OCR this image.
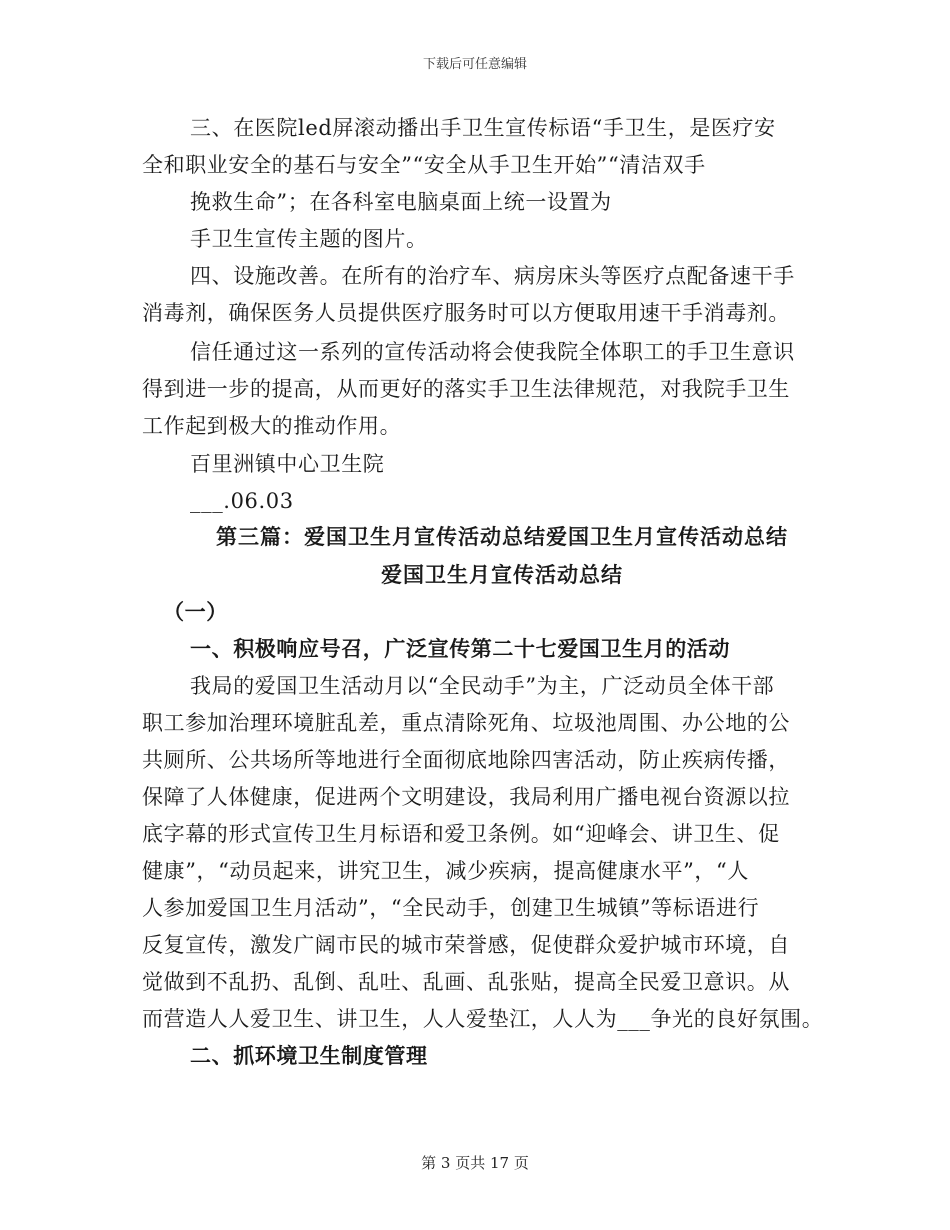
下载后可任意编辑
三、在医院led屏滚动播出手卫生宣传标语“手卫生，是医疗安
全和职业安全的基石与安全”“安全从手卫生开始”“清洁双手
挽救生命”；在各科室电脑桌面上统一设置为
手卫生宣传主题的图片。
四、设施改善。在所有的治疗车、病房床头等医疗点配备速干手
消毒剂，确保医务人员提供医疗服务时可以方便取用速干手消毒剂。
信任通过这一系列的宣传活动将会使我院全体职工的手卫生意识
得到进一步的提高，从而更好的落实手卫生法律规范，对我院手卫生
工作起到极大的推动作用。
百里洲镇中心卫生院
___.06.03
第三篇：爱国卫生月宣传活动总结爱国卫生月宣传活动总结
爱国卫生月宣传活动总结
（一）
一、积极响应号召，广泛宣传第二十七爱国卫生月的活动
我局的爱国卫生活动月以“全民动手”为主，广泛动员全体干部
职工参加治理环境脏乱差，重点清除死角、垃圾池周围、办公地的公
共厕所、公共场所等地进行全面彻底地除四害活动，防止疾病传播，
保障了人体健康，促进两个文明建设，我局利用广播电视台资源以拉
底字幕的形式宣传卫生月标语和爱卫条例。如“迎峰会、讲卫生、促
健康”，“动员起来，讲究卫生，减少疾病，提高健康水平”，“人
人参加爱国卫生月活动”，“全民动手，创建卫生城镇”等标语进行
反复宣传，激发广阔市民的城市荣誉感，促使群众爱护城市环境，自
觉做到不乱扔、乱倒、乱吐、乱画、乱张贴，提高全民爱卫意识。从
而营造人人爱卫生、讲卫生，人人爱垫江，人人为___争光的良好氛围。
二、抓环境卫生制度管理
第 3 页共 17 页
